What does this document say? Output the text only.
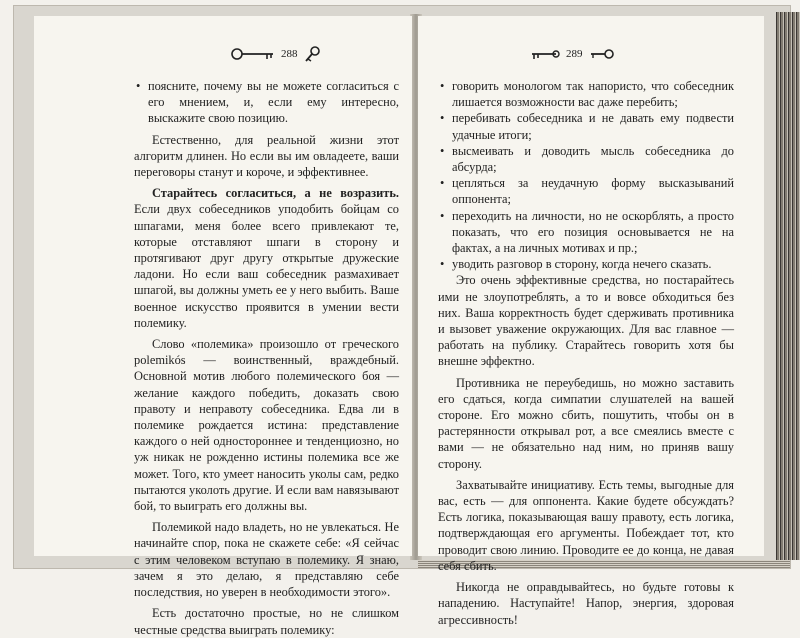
288

• поясните, почему вы не можете согласиться с его мнением, и, если ему интересно, выскажите свою позицию.

Естественно, для реальной жизни этот алгоритм длинен. Но если вы им овладеете, ваши переговоры станут и короче, и эффективнее.

Старайтесь согласиться, а не возразить. Если двух собеседников уподобить бойцам со шпагами, меня более всего привлекают те, которые отставляют шпаги в сторону и протягивают друг другу открытые дружеские ладони. Но если ваш собеседник размахивает шпагой, вы должны уметь ее у него выбить. Ваше военное искусство проявится в умении вести полемику.

Слово «полемика» произошло от греческого polemikós — воинственный, враждебный. Основной мотив любого полемического боя — желание каждого победить, доказать свою правоту и неправоту собеседника. Едва ли в полемике рождается истина: представление каждого о ней одностороннее и тенденциозно, но уж никак не рожденно истины полемика все же может. Того, кто умеет наносить уколы сам, редко пытаются уколоть другие. И если вам навязывают бой, то выиграть его должны вы.

Полемикой надо владеть, но не увлекаться. Не начинайте спор, пока не скажете себе: «Я сейчас с этим человеком вступаю в полемику. Я знаю, зачем я это делаю, я представляю себе последствия, но уверен в необходимости этого».

Есть достаточно простые, но не слишком честные средства выиграть полемику:

289

• говорить монологом так напористо, что собеседник лишается возможности вас даже перебить;

• перебивать собеседника и не давать ему подвести удачные итоги;

• высмеивать и доводить мысль собеседника до абсурда;

• цепляться за неудачную форму высказываний оппонента;

• переходить на личности, но не оскорблять, а просто показать, что его позиция основывается не на фактах, а на личных мотивах и пр.;

• уводить разговор в сторону, когда нечего сказать.

Это очень эффективные средства, но постарайтесь ими не злоупотреблять, а то и вовсе обходиться без них. Ваша корректность будет сдерживать противника и вызовет уважение окружающих. Для вас главное — работать на публику. Старайтесь говорить хотя бы внешне эффектно.

Противника не переубедишь, но можно заставить его сдаться, когда симпатии слушателей на вашей стороне. Его можно сбить, пошутить, чтобы он в растерянности открывал рот, а все смеялись вместе с вами — не обязательно над ним, но приняв вашу сторону.

Захватывайте инициативу. Есть темы, выгодные для вас, есть — для оппонента. Какие будете обсуждать? Есть логика, показывающая вашу правоту, есть логика, подтверждающая его аргументы. Побеждает тот, кто проводит свою линию. Проводите ее до конца, не давая себя сбить.

Никогда не оправдывайтесь, но будьте готовы к нападению. Наступайте! Напор, энергия, здоровая агрессивность!
